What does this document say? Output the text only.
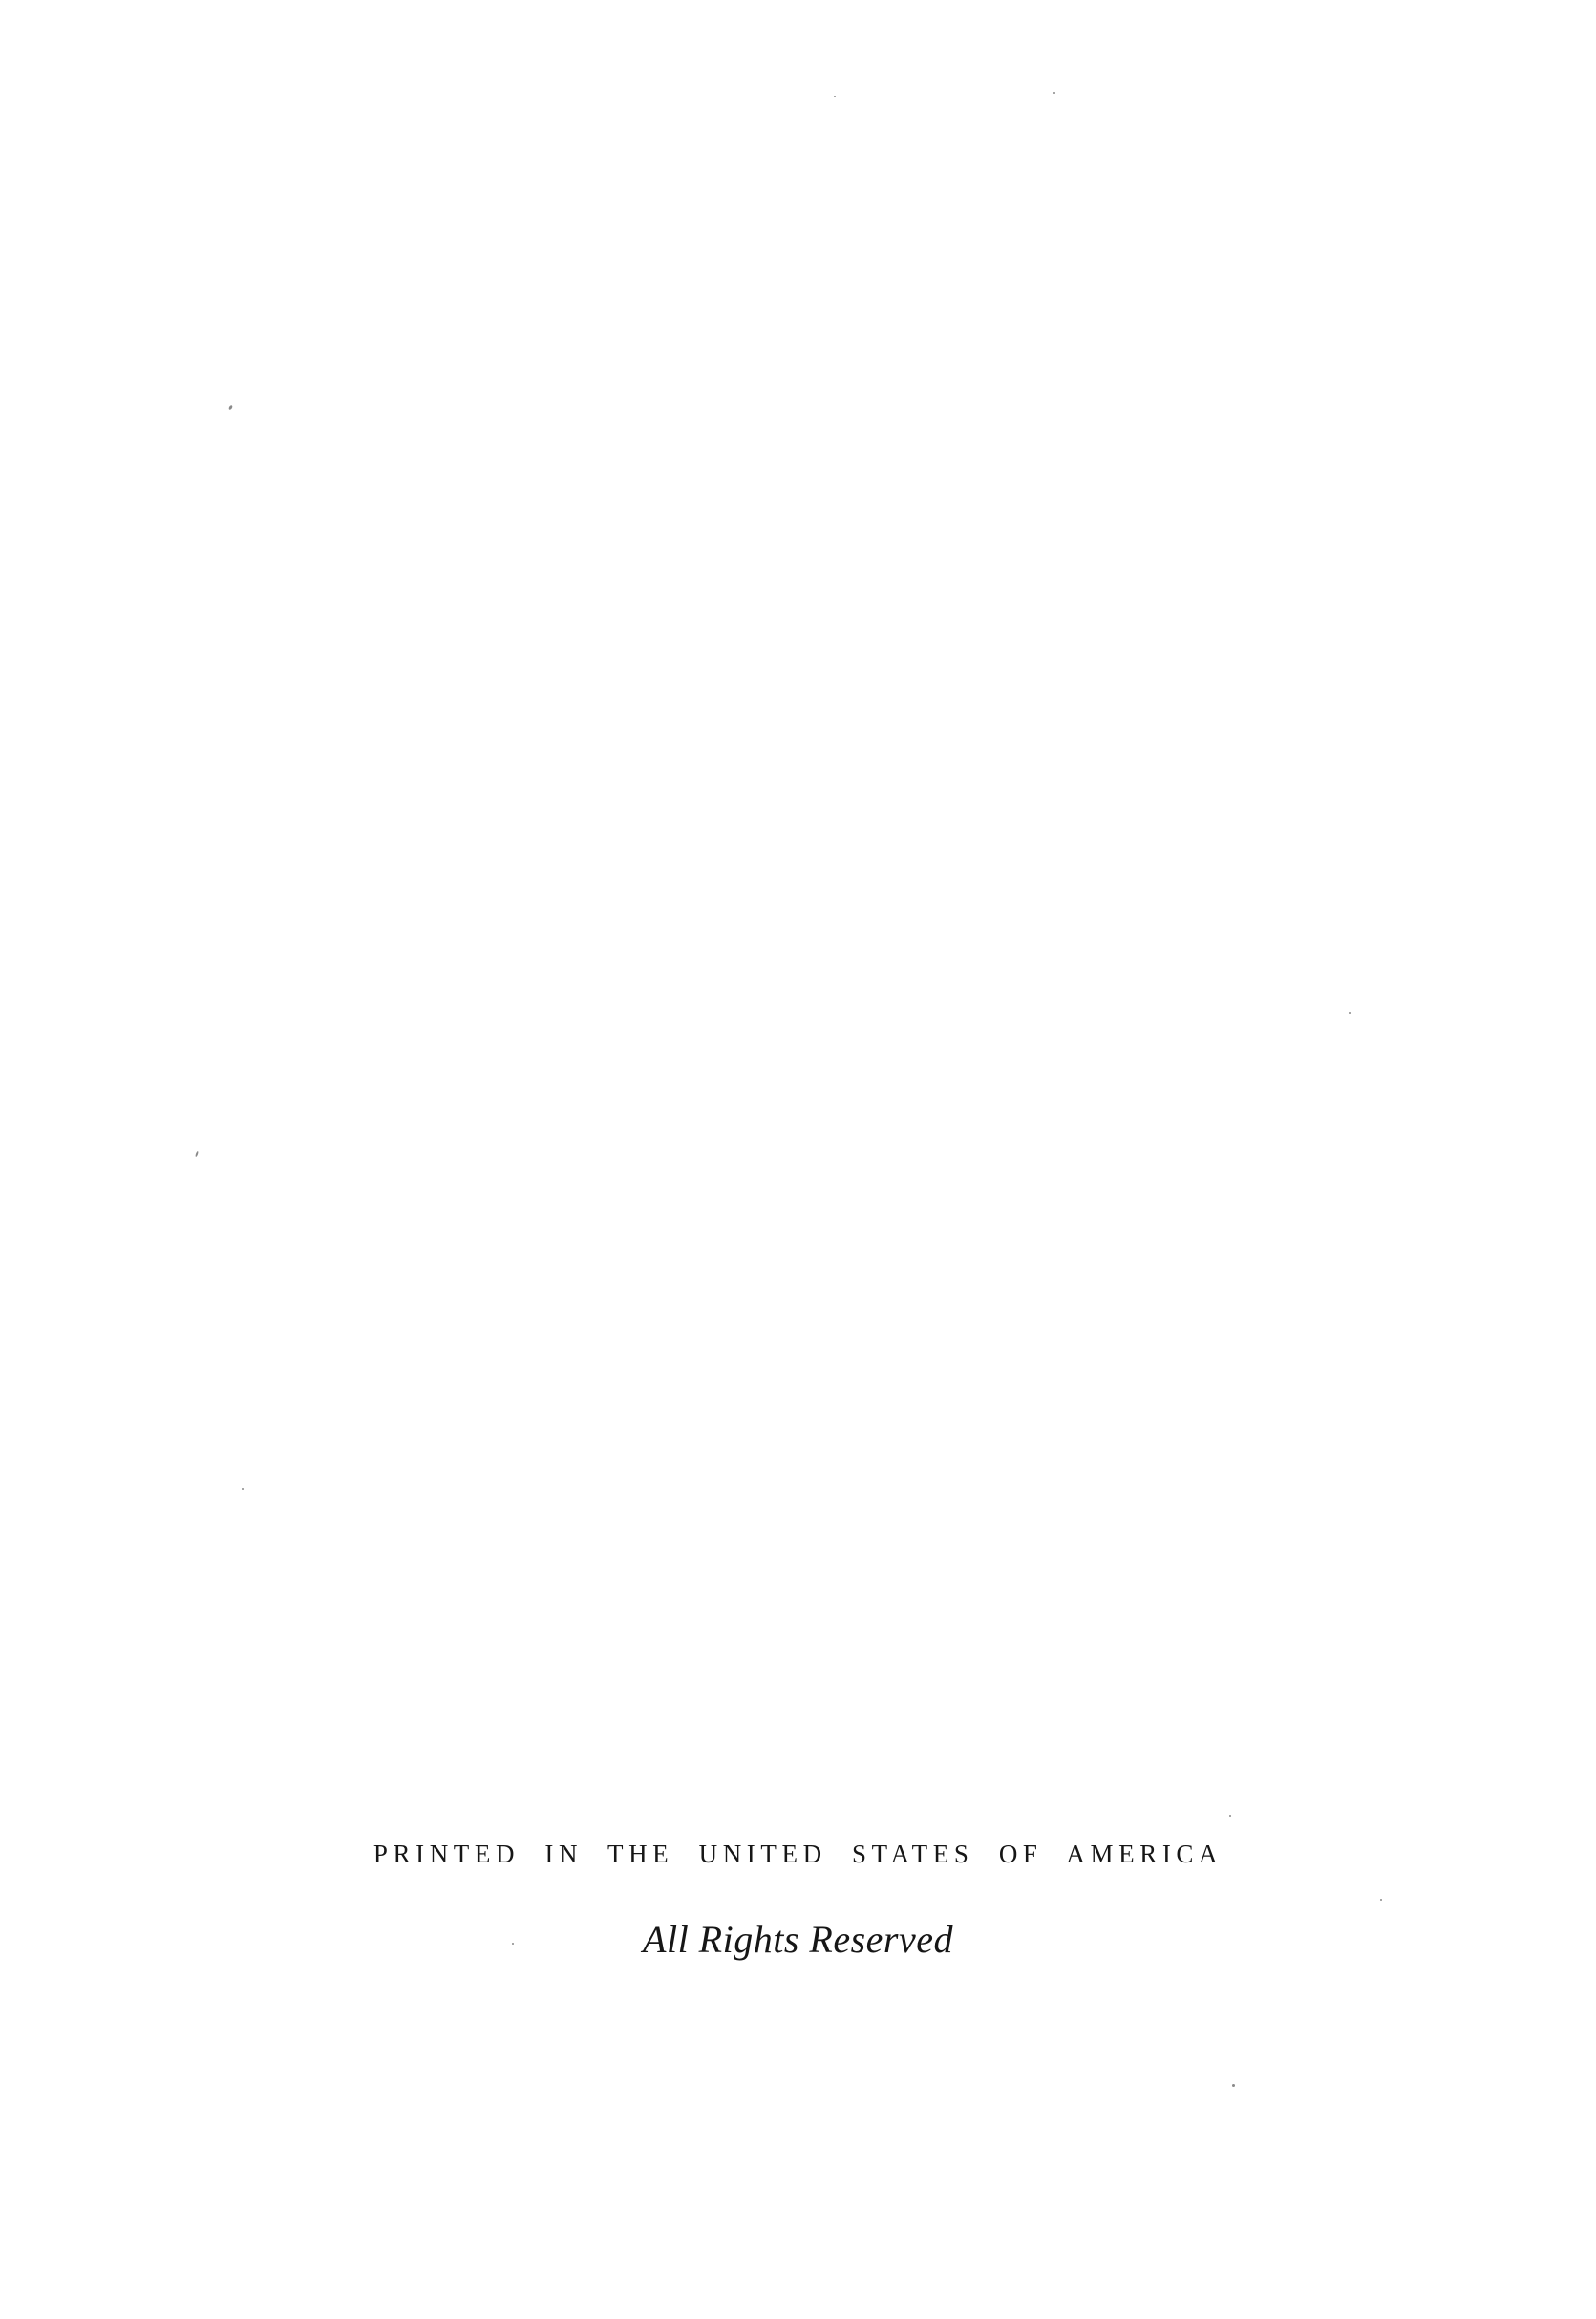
PRINTED IN THE UNITED STATES OF AMERICA
All Rights Reserved
